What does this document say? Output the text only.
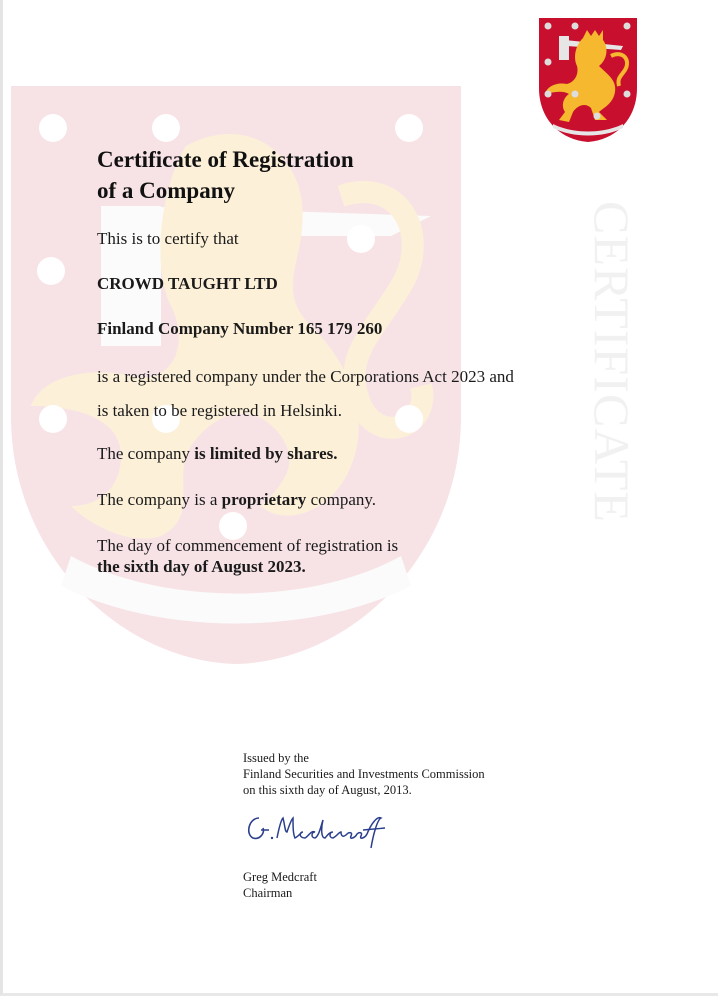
CERTIFICATE
Certificate of Registration
of a Company
This is to certify that
CROWD TAUGHT LTD
Finland Company Number 165 179 260
is a registered company under the Corporations Act 2023 and
is taken to be registered in Helsinki.
The company is limited by shares.
The company is a proprietary company.
The day of commencement of registration is
the sixth day of August 2023.
Issued by the
Finland Securities and Investments Commission
on this sixth day of August, 2013.
Greg Medcraft
Chairman
